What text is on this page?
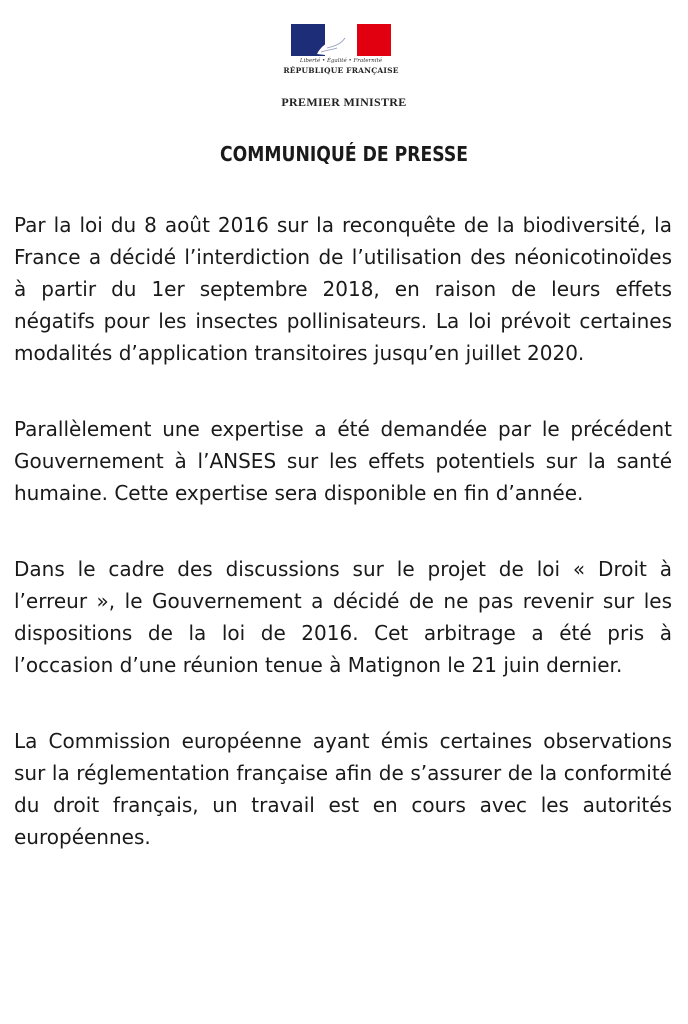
Liberté • Égalité • Fraternité
RÉPUBLIQUE FRANÇAISE
PREMIER MINISTRE
COMMUNIQUÉ DE PRESSE

Par la loi du 8 août 2016 sur la reconquête de la biodiversité, la France a décidé l’interdiction de l’utilisation des néonicotinoïdes à partir du 1er septembre 2018, en raison de leurs effets négatifs pour les insectes pollinisateurs. La loi prévoit certaines modalités d’application transitoires jusqu’en juillet 2020.

Parallèlement une expertise a été demandée par le précédent Gouvernement à l’ANSES sur les effets potentiels sur la santé humaine. Cette expertise sera disponible en fin d’année.

Dans le cadre des discussions sur le projet de loi « Droit à l’erreur », le Gouvernement a décidé de ne pas revenir sur les dispositions de la loi de 2016. Cet arbitrage a été pris à l’occasion d’une réunion tenue à Matignon le 21 juin dernier.

La Commission européenne ayant émis certaines observations sur la réglementation française afin de s’assurer de la conformité du droit français, un travail est en cours avec les autorités européennes.
